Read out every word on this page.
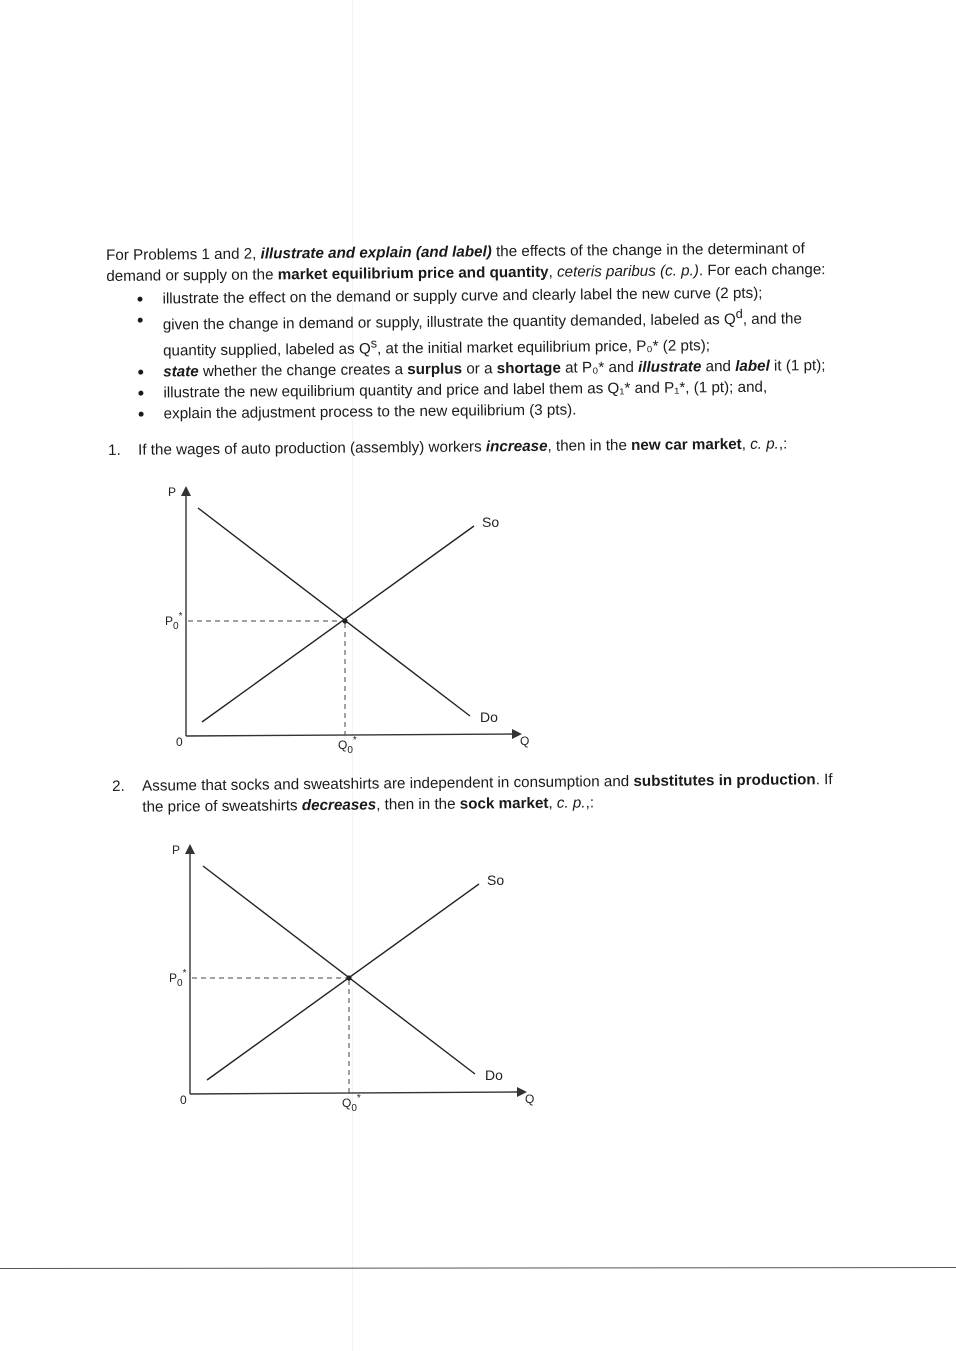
For Problems 1 and 2, illustrate and explain (and label) the effects of the change in the determinant of demand or supply on the market equilibrium price and quantity, ceteris paribus (c. p.). For each change:

illustrate the effect on the demand or supply curve and clearly label the new curve (2 pts);
given the change in demand or supply, illustrate the quantity demanded, labeled as $Q^d$, and the quantity supplied, labeled as $Q^s$, at the initial market equilibrium price, P₀* (2 pts);
state whether the change creates a surplus or a shortage at P₀* and illustrate and label it (1 pt);
illustrate the new equilibrium quantity and price and label them as Q₁* and P₁*, (1 pt); and,
explain the adjustment process to the new equilibrium (3 pts).
1. If the wages of auto production (assembly) workers increase, then in the new car market, c. p.,:
P
Q
0
So
Do
$P_0^*$
$Q_0^*$
2. Assume that socks and sweatshirts are independent in consumption and substitutes in production. If the price of sweatshirts decreases, then in the sock market, c. p.,:
P
Q
0
So
Do
$P_0^*$
$Q_0^*$
